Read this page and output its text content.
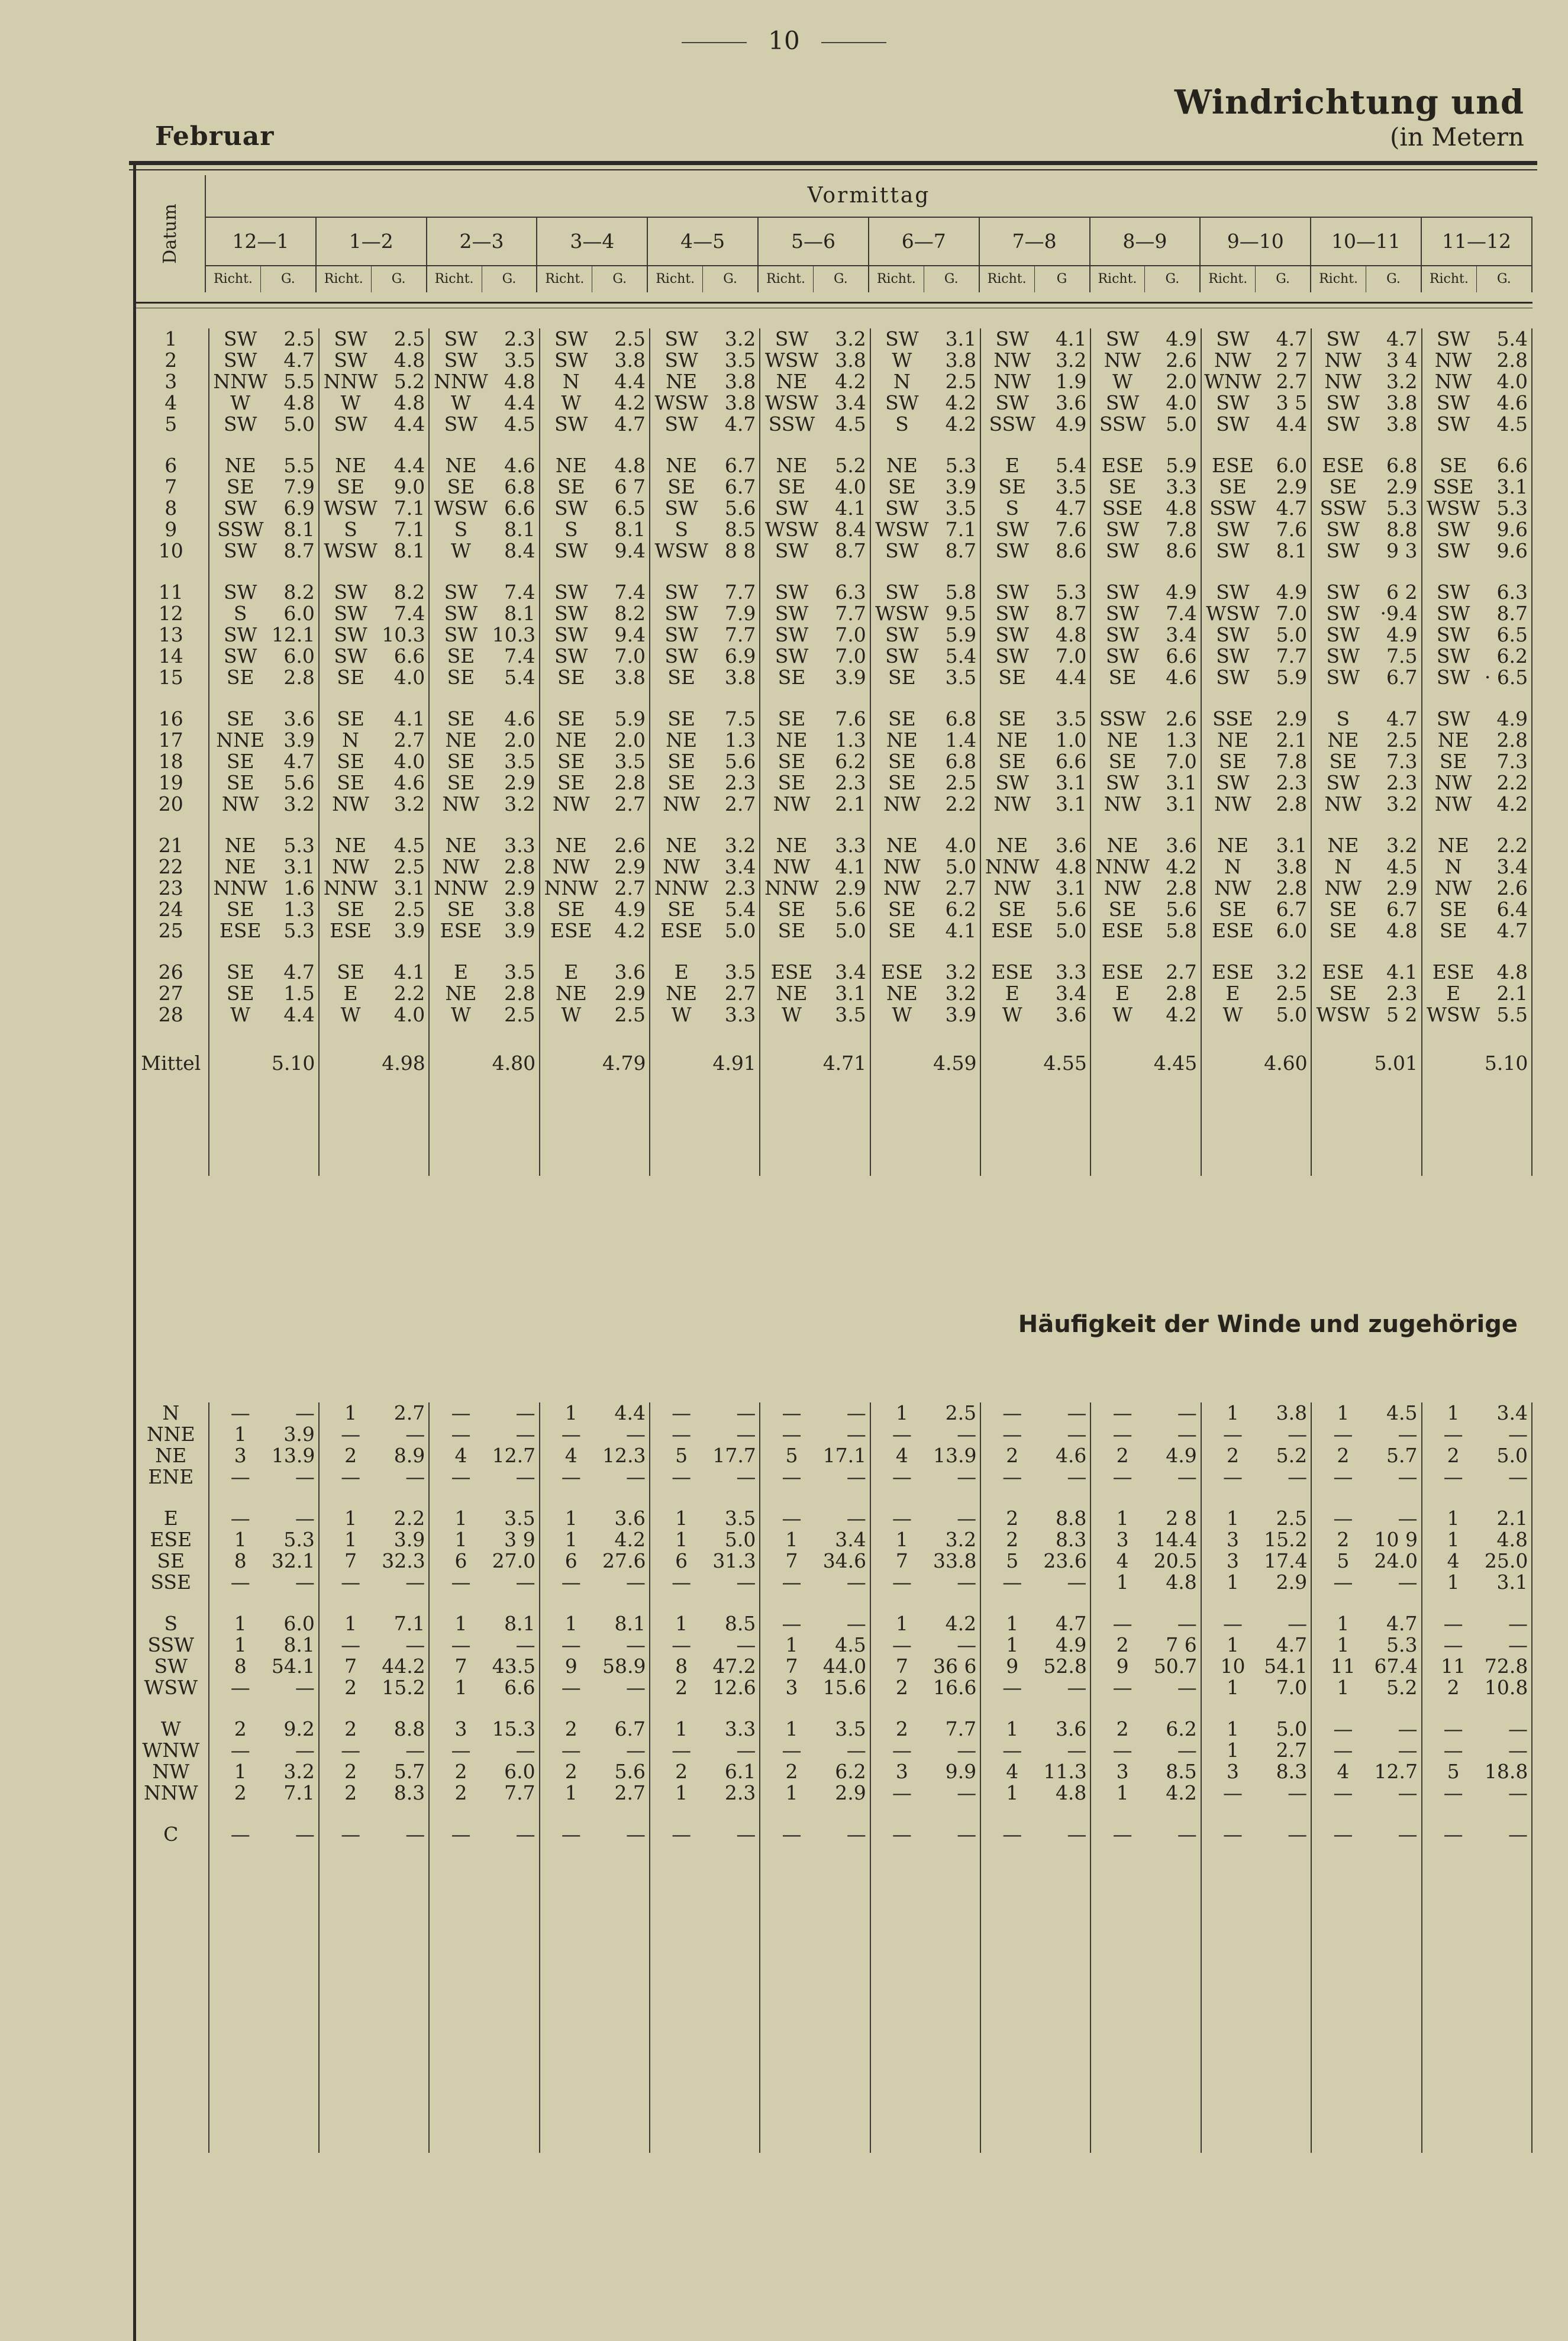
10
Februar
Windrichtung und
(in Metern
Datum	Vormittag																							
	12—1		1—2		2—3		3—4		4—5		5—6		6—7		7—8		8—9		9—10		10—11		11—12	
	Richt.	G.	Richt.	G.	Richt.	G.	Richt.	G.	Richt.	G.	Richt.	G.	Richt.	G.	Richt.	G	Richt.	G.	Richt.	G.	Richt.	G.	Richt.	G.
1	SW	2.5	SW	2.5	SW	2.3	SW	2.5	SW	3.2	SW	3.2	SW	3.1	SW	4.1	SW	4.9	SW	4.7	SW	4.7	SW	5.4
2	SW	4.7	SW	4.8	SW	3.5	SW	3.8	SW	3.5	WSW	3.8	W	3.8	NW	3.2	NW	2.6	NW	2 7	NW	3 4	NW	2.8
3	NNW	5.5	NNW	5.2	NNW	4.8	N	4.4	NE	3.8	NE	4.2	N	2.5	NW	1.9	W	2.0	WNW	2.7	NW	3.2	NW	4.0
4	W	4.8	W	4.8	W	4.4	W	4.2	WSW	3.8	WSW	3.4	SW	4.2	SW	3.6	SW	4.0	SW	3 5	SW	3.8	SW	4.6
5	SW	5.0	SW	4.4	SW	4.5	SW	4.7	SW	4.7	SSW	4.5	S	4.2	SSW	4.9	SSW	5.0	SW	4.4	SW	3.8	SW	4.5

6	NE	5.5	NE	4.4	NE	4.6	NE	4.8	NE	6.7	NE	5.2	NE	5.3	E	5.4	ESE	5.9	ESE	6.0	ESE	6.8	SE	6.6
7	SE	7.9	SE	9.0	SE	6.8	SE	6 7	SE	6.7	SE	4.0	SE	3.9	SE	3.5	SE	3.3	SE	2.9	SE	2.9	SSE	3.1
8	SW	6.9	WSW	7.1	WSW	6.6	SW	6.5	SW	5.6	SW	4.1	SW	3.5	S	4.7	SSE	4.8	SSW	4.7	SSW	5.3	WSW	5.3
9	SSW	8.1	S	7.1	S	8.1	S	8.1	S	8.5	WSW	8.4	WSW	7.1	SW	7.6	SW	7.8	SW	7.6	SW	8.8	SW	9.6
10	SW	8.7	WSW	8.1	W	8.4	SW	9.4	WSW	8 8	SW	8.7	SW	8.7	SW	8.6	SW	8.6	SW	8.1	SW	9 3	SW	9.6

11	SW	8.2	SW	8.2	SW	7.4	SW	7.4	SW	7.7	SW	6.3	SW	5.8	SW	5.3	SW	4.9	SW	4.9	SW	6 2	SW	6.3
12	S	6.0	SW	7.4	SW	8.1	SW	8.2	SW	7.9	SW	7.7	WSW	9.5	SW	8.7	SW	7.4	WSW	7.0	SW	·9.4	SW	8.7
13	SW	12.1	SW	10.3	SW	10.3	SW	9.4	SW	7.7	SW	7.0	SW	5.9	SW	4.8	SW	3.4	SW	5.0	SW	4.9	SW	6.5
14	SW	6.0	SW	6.6	SE	7.4	SW	7.0	SW	6.9	SW	7.0	SW	5.4	SW	7.0	SW	6.6	SW	7.7	SW	7.5	SW	6.2
15	SE	2.8	SE	4.0	SE	5.4	SE	3.8	SE	3.8	SE	3.9	SE	3.5	SE	4.4	SE	4.6	SW	5.9	SW	6.7	SW	· 6.5

16	SE	3.6	SE	4.1	SE	4.6	SE	5.9	SE	7.5	SE	7.6	SE	6.8	SE	3.5	SSW	2.6	SSE	2.9	S	4.7	SW	4.9
17	NNE	3.9	N	2.7	NE	2.0	NE	2.0	NE	1.3	NE	1.3	NE	1.4	NE	1.0	NE	1.3	NE	2.1	NE	2.5	NE	2.8
18	SE	4.7	SE	4.0	SE	3.5	SE	3.5	SE	5.6	SE	6.2	SE	6.8	SE	6.6	SE	7.0	SE	7.8	SE	7.3	SE	7.3
19	SE	5.6	SE	4.6	SE	2.9	SE	2.8	SE	2.3	SE	2.3	SE	2.5	SW	3.1	SW	3.1	SW	2.3	SW	2.3	NW	2.2
20	NW	3.2	NW	3.2	NW	3.2	NW	2.7	NW	2.7	NW	2.1	NW	2.2	NW	3.1	NW	3.1	NW	2.8	NW	3.2	NW	4.2

21	NE	5.3	NE	4.5	NE	3.3	NE	2.6	NE	3.2	NE	3.3	NE	4.0	NE	3.6	NE	3.6	NE	3.1	NE	3.2	NE	2.2
22	NE	3.1	NW	2.5	NW	2.8	NW	2.9	NW	3.4	NW	4.1	NW	5.0	NNW	4.8	NNW	4.2	N	3.8	N	4.5	N	3.4
23	NNW	1.6	NNW	3.1	NNW	2.9	NNW	2.7	NNW	2.3	NNW	2.9	NW	2.7	NW	3.1	NW	2.8	NW	2.8	NW	2.9	NW	2.6
24	SE	1.3	SE	2.5	SE	3.8	SE	4.9	SE	5.4	SE	5.6	SE	6.2	SE	5.6	SE	5.6	SE	6.7	SE	6.7	SE	6.4
25	ESE	5.3	ESE	3.9	ESE	3.9	ESE	4.2	ESE	5.0	SE	5.0	SE	4.1	ESE	5.0	ESE	5.8	ESE	6.0	SE	4.8	SE	4.7

26	SE	4.7	SE	4.1	E	3.5	E	3.6	E	3.5	ESE	3.4	ESE	3.2	ESE	3.3	ESE	2.7	ESE	3.2	ESE	4.1	ESE	4.8
27	SE	1.5	E	2.2	NE	2.8	NE	2.9	NE	2.7	NE	3.1	NE	3.2	E	3.4	E	2.8	E	2.5	SE	2.3	E	2.1
28	W	4.4	W	4.0	W	2.5	W	2.5	W	3.3	W	3.5	W	3.9	W	3.6	W	4.2	W	5.0	WSW	5 2	WSW	5.5

Mittel		5.10		4.98		4.80		4.79		4.91		4.71		4.59		4.55		4.45		4.60		5.01		5.10

Häufigkeit der Winde und zugehörige
N	—	—	1	2.7	—	—	1	4.4	—	—	—	—	1	2.5	—	—	—	—	1	3.8	1	4.5	1	3.4
NNE	1	3.9	—	—	—	—	—	—	—	—	—	—	—	—	—	—	—	—	—	—	—	—	—	—
NE	3	13.9	2	8.9	4	12.7	4	12.3	5	17.7	5	17.1	4	13.9	2	4.6	2	4.9	2	5.2	2	5.7	2	5.0
ENE	—	—	—	—	—	—	—	—	—	—	—	—	—	—	—	—	—	—	—	—	—	—	—	—

E	—	—	1	2.2	1	3.5	1	3.6	1	3.5	—	—	—	—	2	8.8	1	2 8	1	2.5	—	—	1	2.1
ESE	1	5.3	1	3.9	1	3 9	1	4.2	1	5.0	1	3.4	1	3.2	2	8.3	3	14.4	3	15.2	2	10 9	1	4.8
SE	8	32.1	7	32.3	6	27.0	6	27.6	6	31.3	7	34.6	7	33.8	5	23.6	4	20.5	3	17.4	5	24.0	4	25.0
SSE	—	—	—	—	—	—	—	—	—	—	—	—	—	—	—	—	1	4.8	1	2.9	—	—	1	3.1

S	1	6.0	1	7.1	1	8.1	1	8.1	1	8.5	—	—	1	4.2	1	4.7	—	—	—	—	1	4.7	—	—
SSW	1	8.1	—	—	—	—	—	—	—	—	1	4.5	—	—	1	4.9	2	7 6	1	4.7	1	5.3	—	—
SW	8	54.1	7	44.2	7	43.5	9	58.9	8	47.2	7	44.0	7	36 6	9	52.8	9	50.7	10	54.1	11	67.4	11	72.8
WSW	—	—	2	15.2	1	6.6	—	—	2	12.6	3	15.6	2	16.6	—	—	—	—	1	7.0	1	5.2	2	10.8

W	2	9.2	2	8.8	3	15.3	2	6.7	1	3.3	1	3.5	2	7.7	1	3.6	2	6.2	1	5.0	—	—	—	—
WNW	—	—	—	—	—	—	—	—	—	—	—	—	—	—	—	—	—	—	1	2.7	—	—	—	—
NW	1	3.2	2	5.7	2	6.0	2	5.6	2	6.1	2	6.2	3	9.9	4	11.3	3	8.5	3	8.3	4	12.7	5	18.8
NNW	2	7.1	2	8.3	2	7.7	1	2.7	1	2.3	1	2.9	—	—	1	4.8	1	4.2	—	—	—	—	—	—

C	—	—	—	—	—	—	—	—	—	—	—	—	—	—	—	—	—	—	—	—	—	—	—	—
